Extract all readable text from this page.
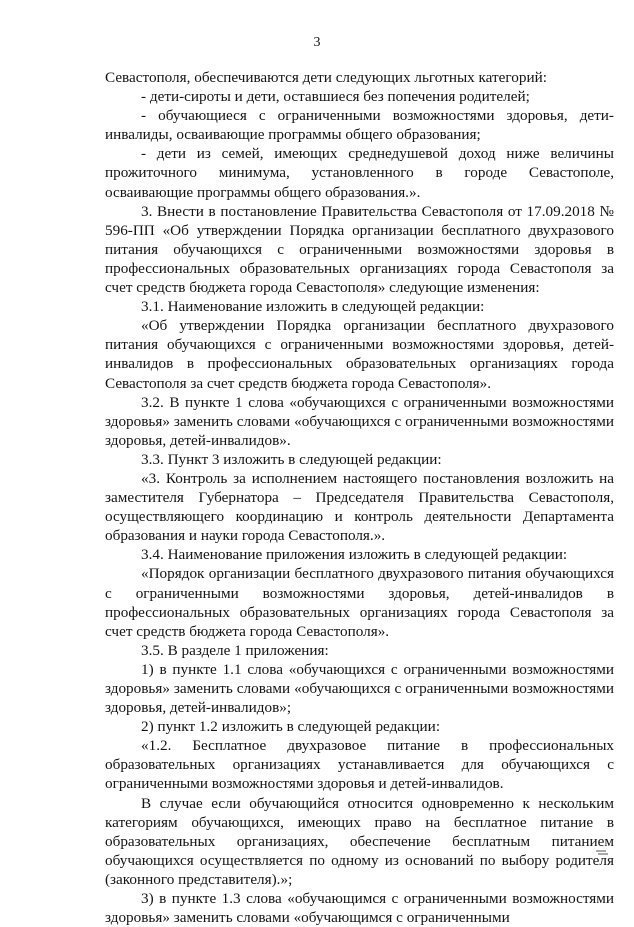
3

Севастополя, обеспечиваются дети следующих льготных категорий:

- дети-сироты и дети, оставшиеся без попечения родителей;

- обучающиеся с ограниченными возможностями здоровья, дети-инвалиды, осваивающие программы общего образования;

- дети из семей, имеющих среднедушевой доход ниже величины прожиточного минимума, установленного в городе Севастополе, осваивающие программы общего образования.».

3. Внести в постановление Правительства Севастополя от 17.09.2018 № 596-ПП «Об утверждении Порядка организации бесплатного двухразового питания обучающихся с ограниченными возможностями здоровья в профессиональных образовательных организациях города Севастополя за счет средств бюджета города Севастополя» следующие изменения:

3.1. Наименование изложить в следующей редакции:

«Об утверждении Порядка организации бесплатного двухразового питания обучающихся с ограниченными возможностями здоровья, детей-инвалидов в профессиональных образовательных организациях города Севастополя за счет средств бюджета города Севастополя».

3.2. В пункте 1 слова «обучающихся с ограниченными возможностями здоровья» заменить словами «обучающихся с ограниченными возможностями здоровья, детей-инвалидов».

3.3. Пункт 3 изложить в следующей редакции:

«3. Контроль за исполнением настоящего постановления возложить на заместителя Губернатора – Председателя Правительства Севастополя, осуществляющего координацию и контроль деятельности Департамента образования и науки города Севастополя.».

3.4. Наименование приложения изложить в следующей редакции:

«Порядок организации бесплатного двухразового питания обучающихся с ограниченными возможностями здоровья, детей-инвалидов в профессиональных образовательных организациях города Севастополя за счет средств бюджета города Севастополя».

3.5. В разделе 1 приложения:

1) в пункте 1.1 слова «обучающихся с ограниченными возможностями здоровья» заменить словами «обучающихся с ограниченными возможностями здоровья, детей-инвалидов»;

2) пункт 1.2 изложить в следующей редакции:

«1.2. Бесплатное двухразовое питание в профессиональных образовательных организациях устанавливается для обучающихся с ограниченными возможностями здоровья и детей-инвалидов.

В случае если обучающийся относится одновременно к нескольким категориям обучающихся, имеющих право на бесплатное питание в образовательных организациях, обеспечение бесплатным питанием обучающихся осуществляется по одному из оснований по выбору родителя (законного представителя).»;

3) в пункте 1.3 слова «обучающимся с ограниченными возможностями здоровья» заменить словами «обучающимся с ограниченными
